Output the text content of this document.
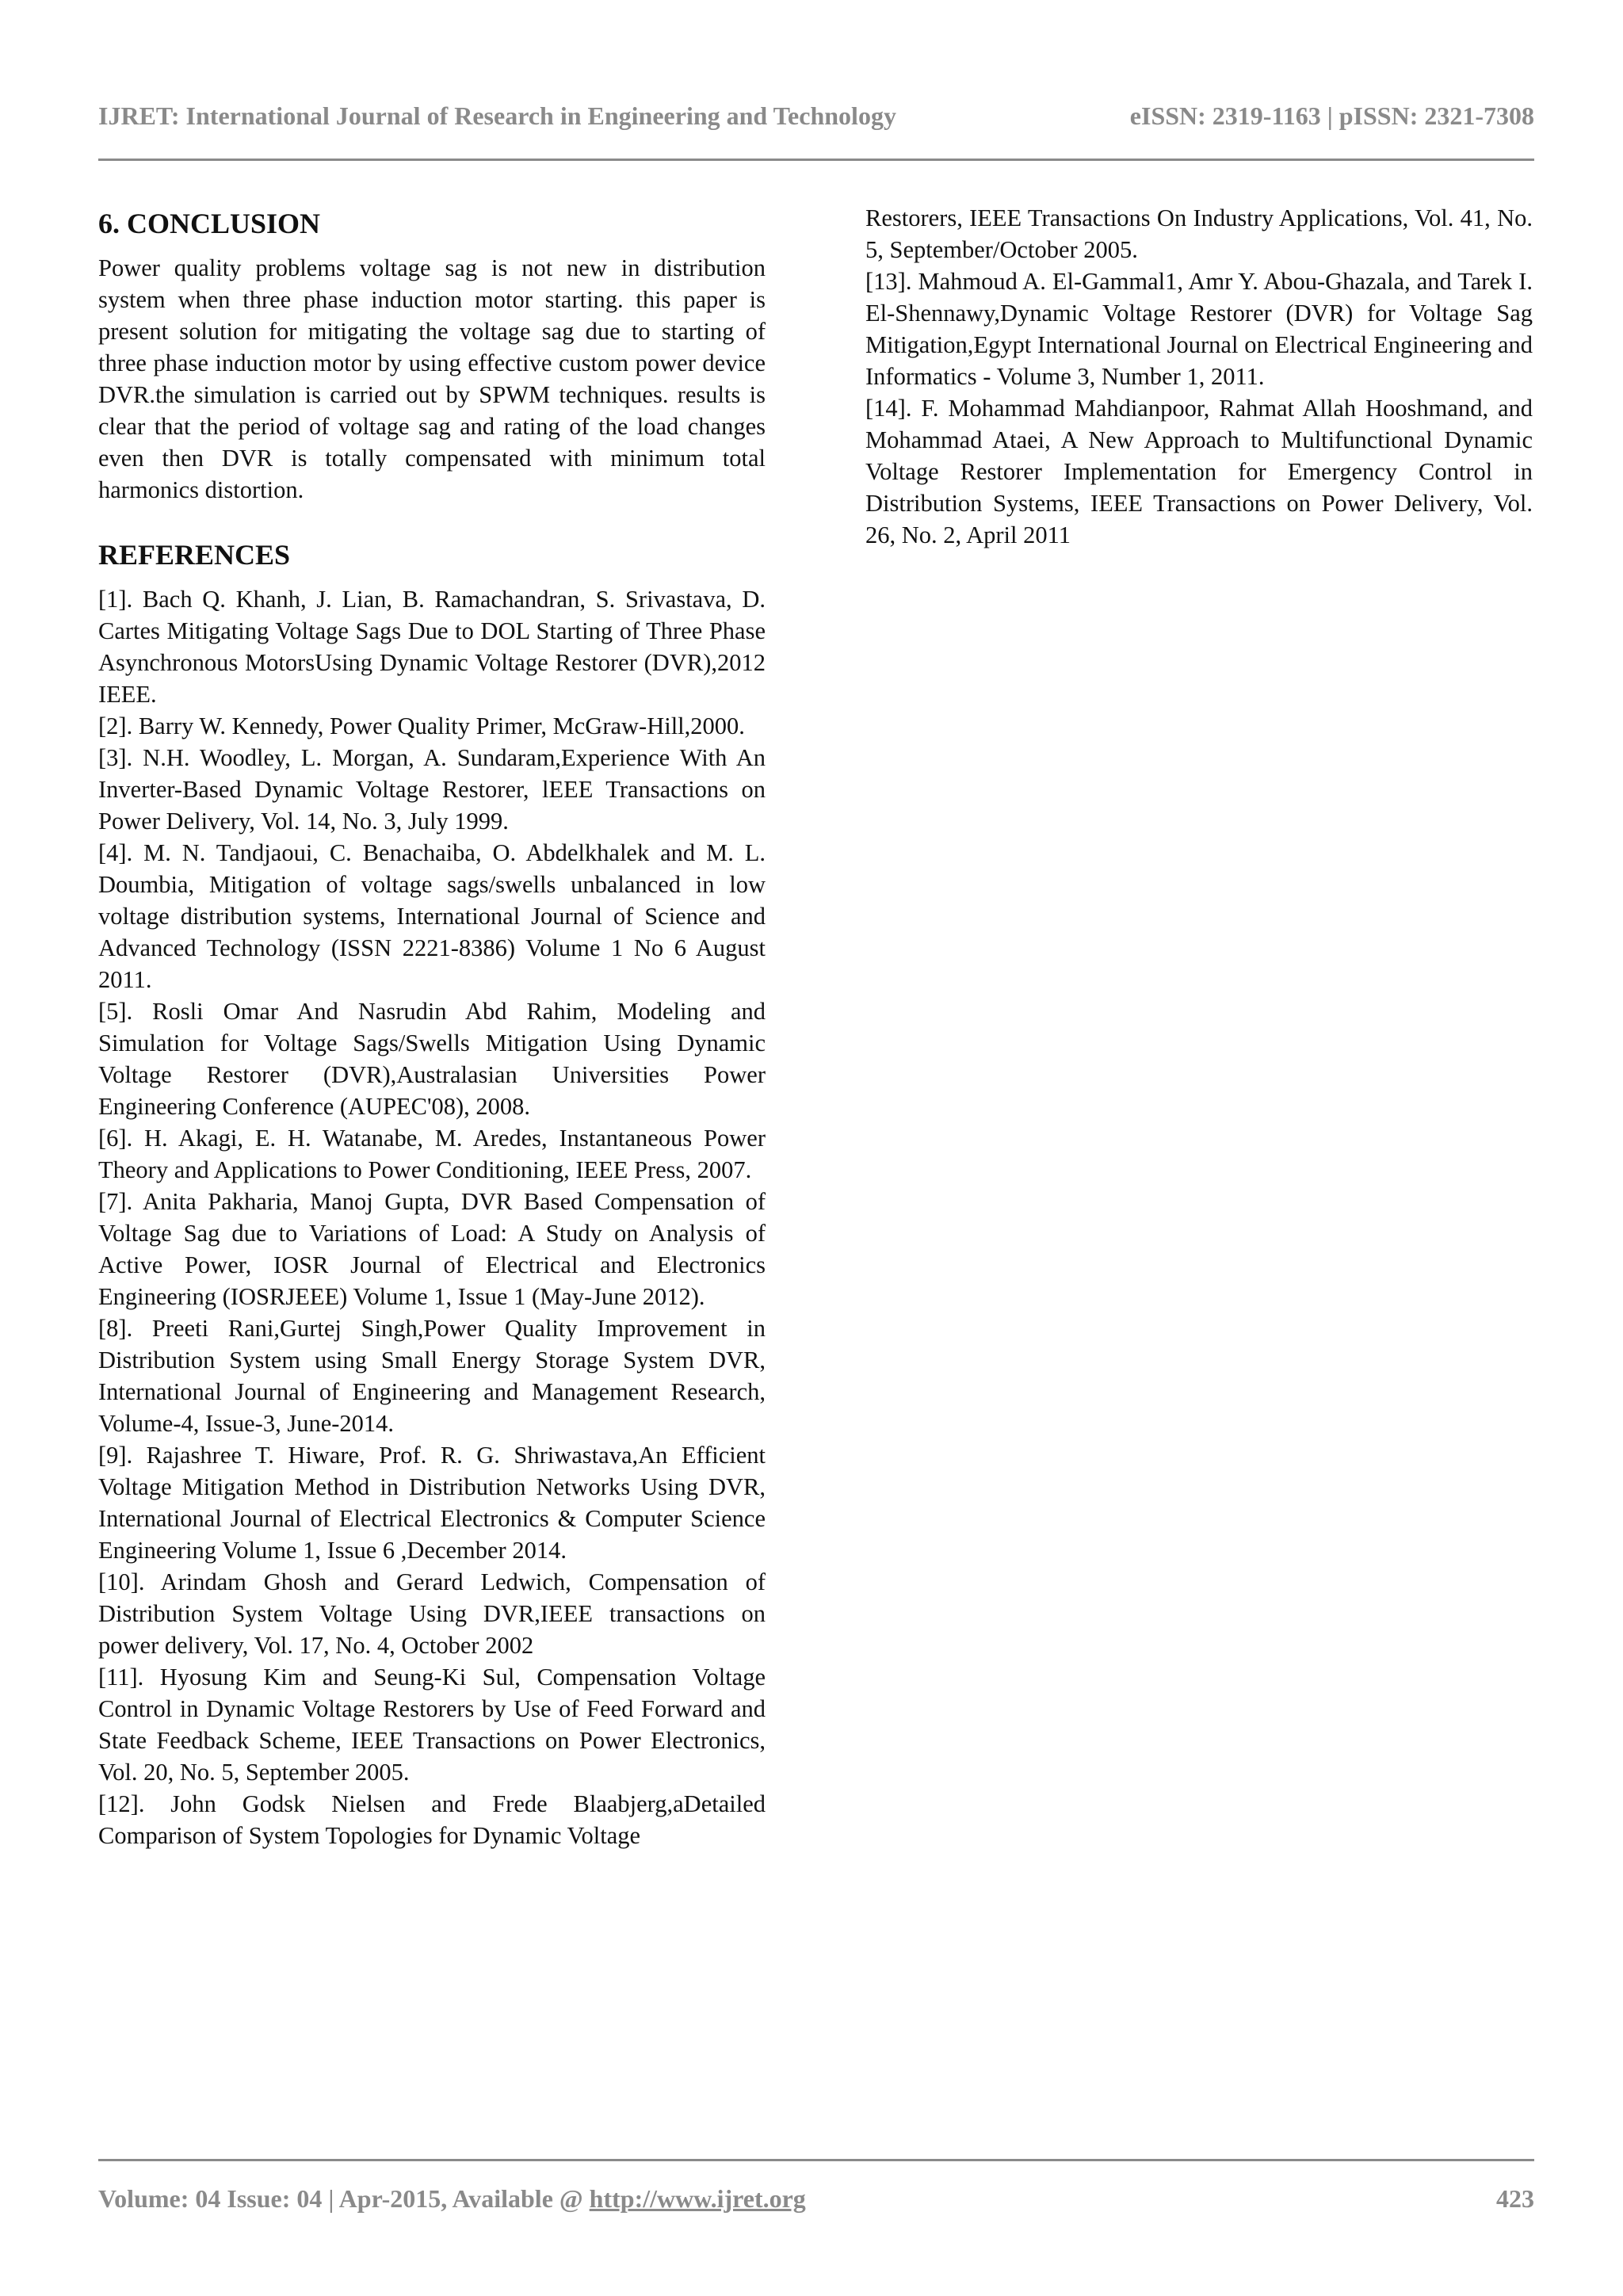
IJRET: International Journal of Research in Engineering and Technology	eISSN: 2319-1163 | pISSN: 2321-7308
6. CONCLUSION

Power quality problems voltage sag is not new in distribution system when three phase induction motor starting. this paper is present solution for mitigating the voltage sag due to starting of three phase induction motor by using effective custom power device DVR.the simulation is carried out by SPWM techniques. results is clear that the period of voltage sag and rating of the load changes even then DVR is totally compensated with minimum total harmonics distortion.

REFERENCES

[1]. Bach Q. Khanh, J. Lian, B. Ramachandran, S. Srivastava, D. Cartes Mitigating Voltage Sags Due to DOL Starting of Three Phase Asynchronous MotorsUsing Dynamic Voltage Restorer (DVR),2012 IEEE.

[2]. Barry W. Kennedy, Power Quality Primer, McGraw-Hill,2000.

[3]. N.H. Woodley, L. Morgan, A. Sundaram,Experience With An Inverter-Based Dynamic Voltage Restorer, lEEE Transactions on Power Delivery, Vol. 14, No. 3, July 1999.

[4]. M. N. Tandjaoui, C. Benachaiba, O. Abdelkhalek and M. L. Doumbia, Mitigation of voltage sags/swells unbalanced in low voltage distribution systems, International Journal of Science and Advanced Technology (ISSN 2221-8386) Volume 1 No 6 August 2011.

[5]. Rosli Omar And Nasrudin Abd Rahim, Modeling and Simulation for Voltage Sags/Swells Mitigation Using Dynamic Voltage Restorer (DVR),Australasian Universities Power Engineering Conference (AUPEC'08), 2008.

[6]. H. Akagi, E. H. Watanabe, M. Aredes, Instantaneous Power Theory and Applications to Power Conditioning, IEEE Press, 2007.

[7]. Anita Pakharia, Manoj Gupta, DVR Based Compensation of Voltage Sag due to Variations of Load: A Study on Analysis of Active Power, IOSR Journal of Electrical and Electronics Engineering (IOSRJEEE) Volume 1, Issue 1 (May-June 2012).

[8]. Preeti Rani,Gurtej Singh,Power Quality Improvement in Distribution System using Small Energy Storage System DVR, International Journal of Engineering and Management Research, Volume-4, Issue-3, June-2014.

[9]. Rajashree T. Hiware, Prof. R. G. Shriwastava,An Efficient Voltage Mitigation Method in Distribution Networks Using DVR, International Journal of Electrical Electronics & Computer Science Engineering Volume 1, Issue 6 ,December 2014.

[10]. Arindam Ghosh and Gerard Ledwich, Compensation of Distribution System Voltage Using DVR,IEEE transactions on power delivery, Vol. 17, No. 4, October 2002

[11]. Hyosung Kim and Seung-Ki Sul, Compensation Voltage Control in Dynamic Voltage Restorers by Use of Feed Forward and State Feedback Scheme, IEEE Transactions on Power Electronics, Vol. 20, No. 5, September 2005.

[12]. John Godsk Nielsen and Frede Blaabjerg,aDetailed Comparison of System Topologies for Dynamic Voltage

Restorers, IEEE Transactions On Industry Applications, Vol. 41, No. 5, September/October 2005.

[13]. Mahmoud A. El-Gammal1, Amr Y. Abou-Ghazala, and Tarek I. El-Shennawy,Dynamic Voltage Restorer (DVR) for Voltage Sag Mitigation,Egypt International Journal on Electrical Engineering and Informatics - Volume 3, Number 1, 2011.

[14]. F. Mohammad Mahdianpoor, Rahmat Allah Hooshmand, and Mohammad Ataei, A New Approach to Multifunctional Dynamic Voltage Restorer Implementation for Emergency Control in Distribution Systems, IEEE Transactions on Power Delivery, Vol. 26, No. 2, April 2011

Volume: 04 Issue: 04 | Apr-2015, Available @ http://www.ijret.org	423
